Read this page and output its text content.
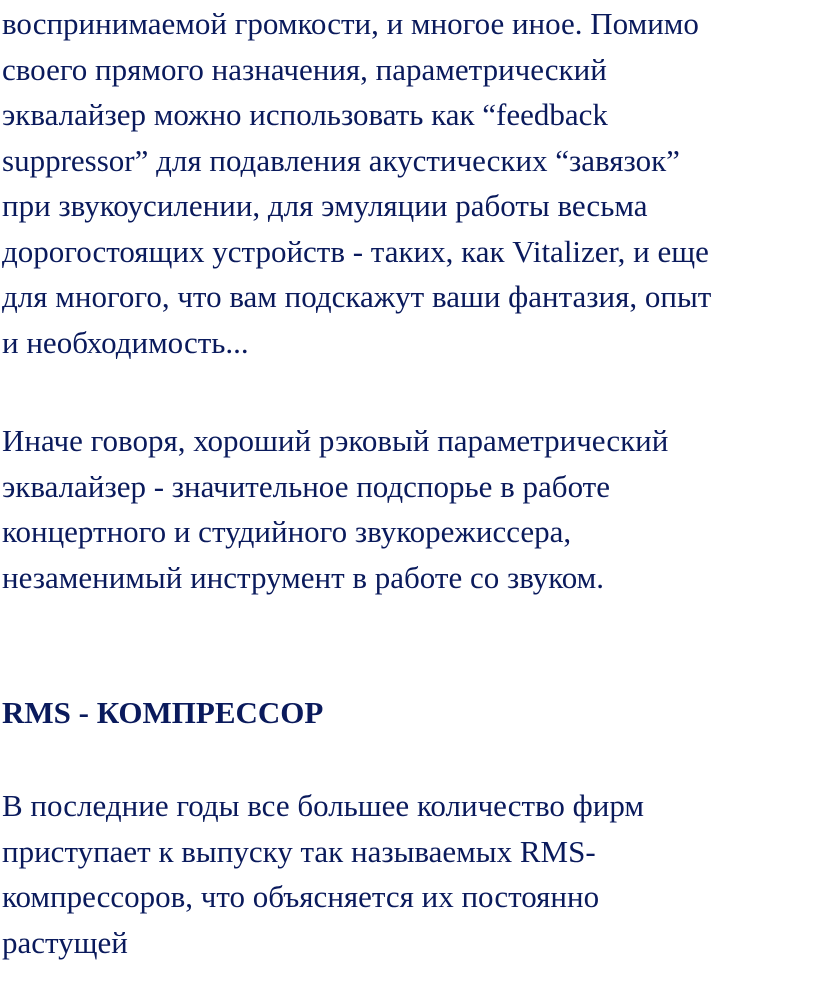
воспринимаемой громкости, и многое иное. Помимо
своего прямого назначения, параметрический
эквалайзер можно использовать как “feedback
suppressor” для подавления акустических “завязок”
при звукоусилении, для эмуляции работы весьма
дорогостоящих устройств - таких, как Vitalizer, и еще
для многого, что вам подскажут ваши фантазия, опыт
и необходимость...

Иначе говоря, хороший рэковый параметрический
эквалайзер - значительное подспорье в работе
концертного и студийного звукорежиссера,
незаменимый инструмент в работе со звуком.

RMS - КОМПРЕССОР

В последние годы все большее количество фирм
приступает к выпуску так называемых RMS-
компрессоров, что объясняется их постоянно
растущей
